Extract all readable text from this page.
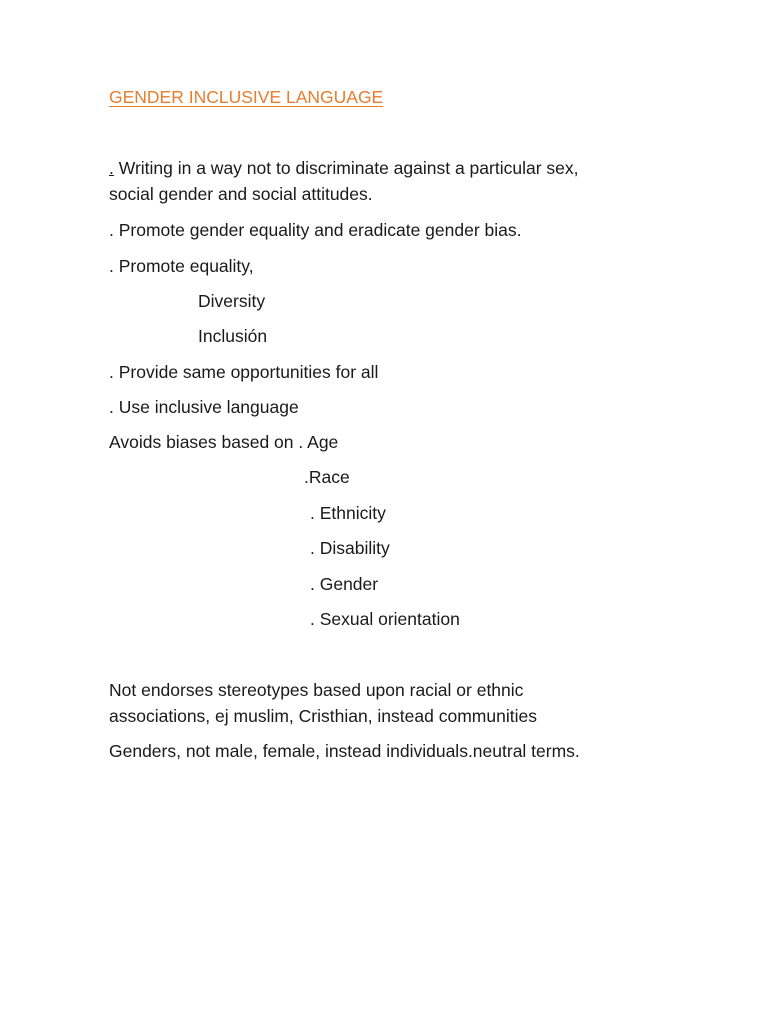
GENDER INCLUSIVE LANGUAGE
. Writing in a way not to discriminate against a particular sex,
social gender and social attitudes.
. Promote gender equality and eradicate gender bias.
. Promote equality,
Diversity
Inclusión
. Provide same opportunities for all
. Use inclusive language
Avoids biases based on . Age
.Race
. Ethnicity
. Disability
. Gender
. Sexual orientation
Not endorses stereotypes based upon racial or ethnic
associations, ej muslim, Cristhian, instead communities
Genders, not male, female, instead individuals.neutral terms.
